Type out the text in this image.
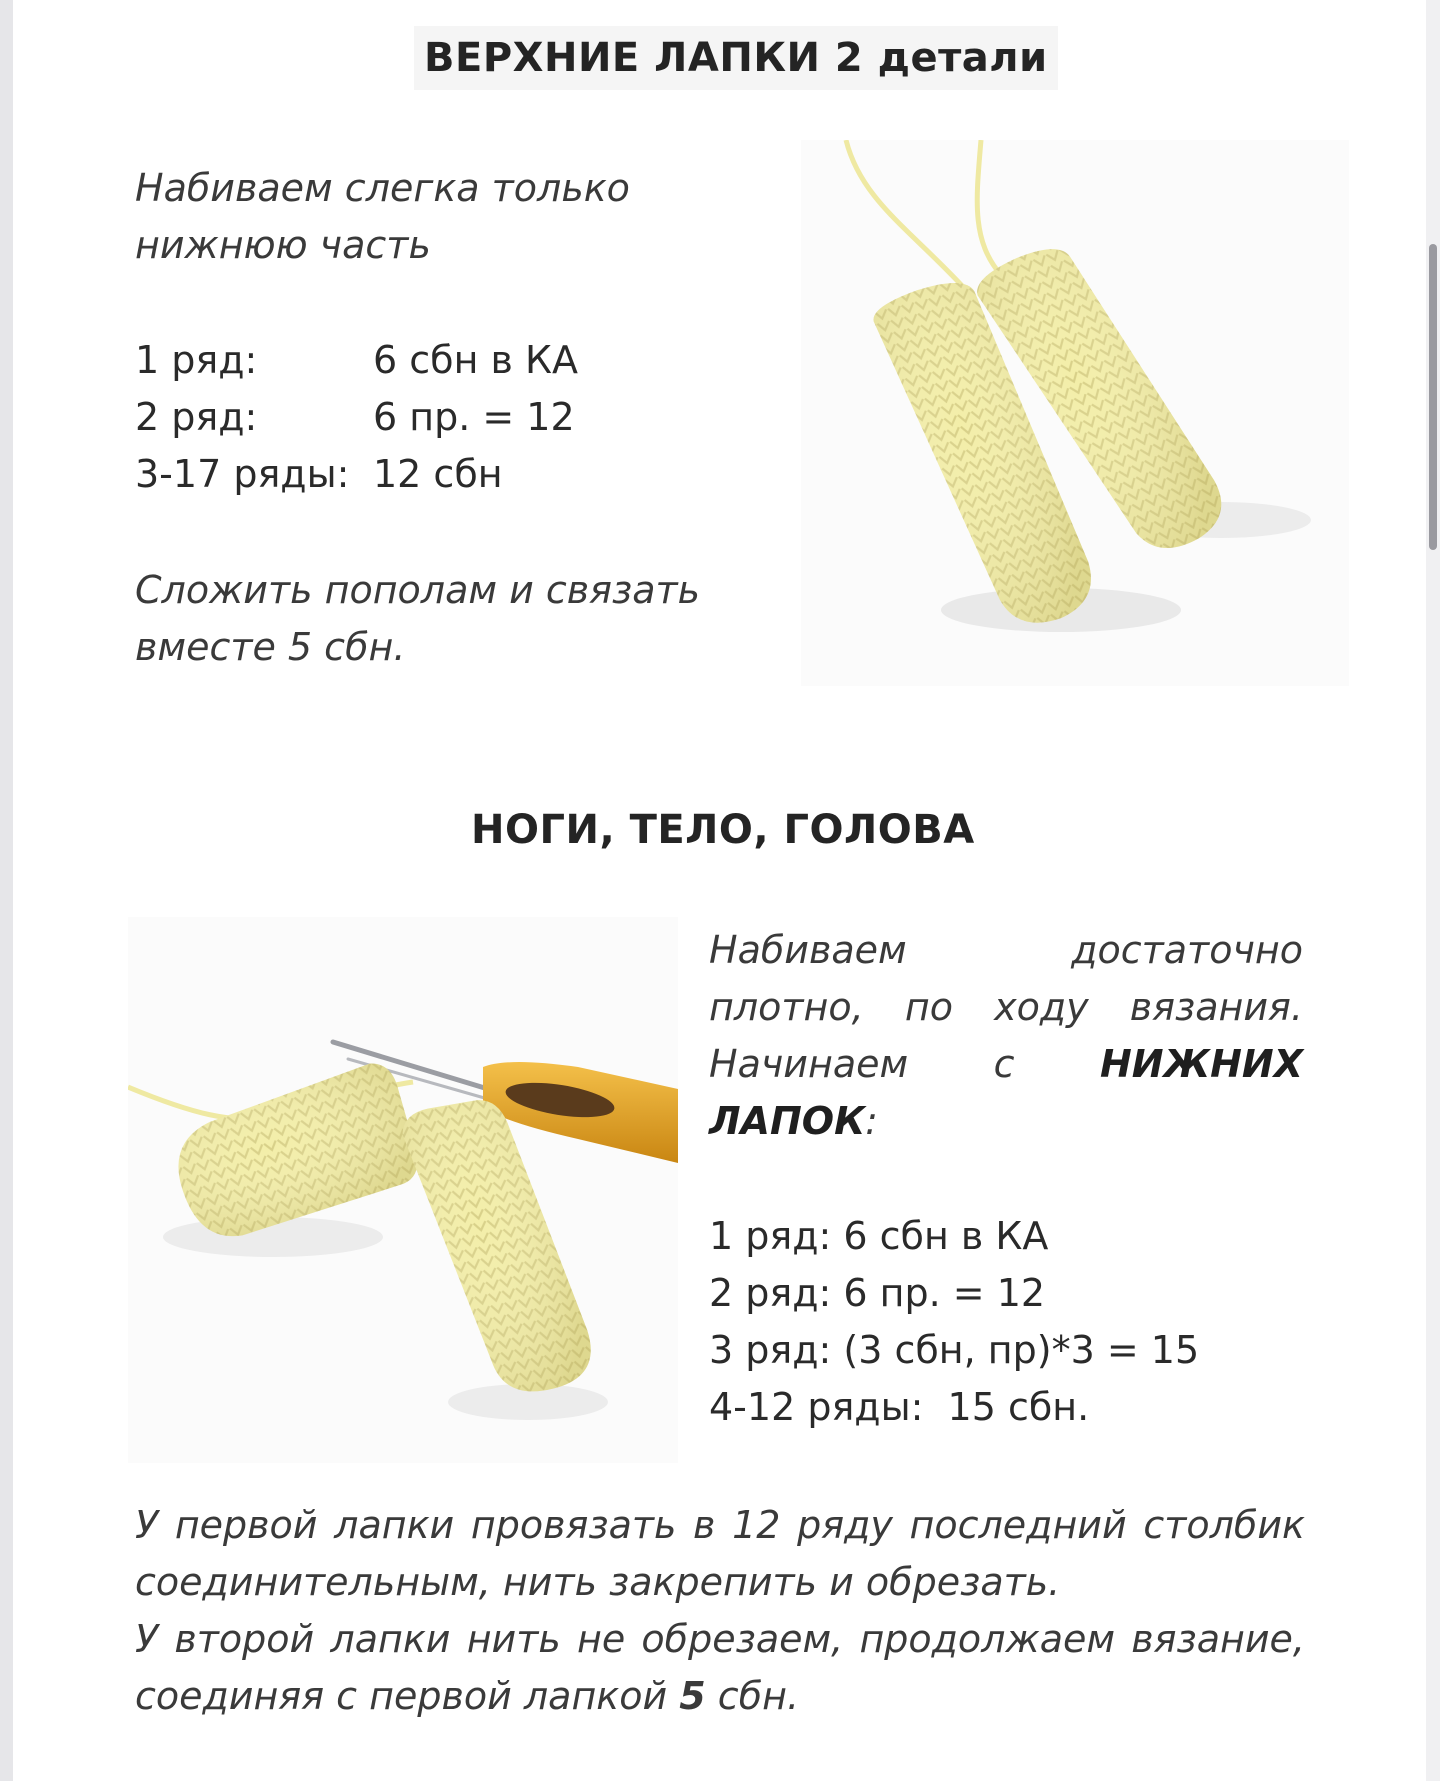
ВЕРХНИЕ ЛАПКИ 2 детали
Набиваем слегка только нижнюю часть
1 ряд:	6 сбн в КА
2 ряд:	6 пр. = 12
3-17 ряды: 12 сбн
Сложить пополам и связать вместе 5 сбн.
НОГИ, ТЕЛО, ГОЛОВА
Набиваем достаточно плотно, по ходу вязания. Начинаем с НИЖНИХ ЛАПОК:
1 ряд: 6 сбн в КА
2 ряд: 6 пр. = 12
3 ряд: (3 сбн, пр)*3 = 15
4-12 ряды:  15 сбн.
У первой лапки провязать в 12 ряду последний столбик соединительным, нить закрепить и обрезать.
У второй лапки нить не обрезаем, продолжаем вязание, соединяя с первой лапкой 5 сбн.
